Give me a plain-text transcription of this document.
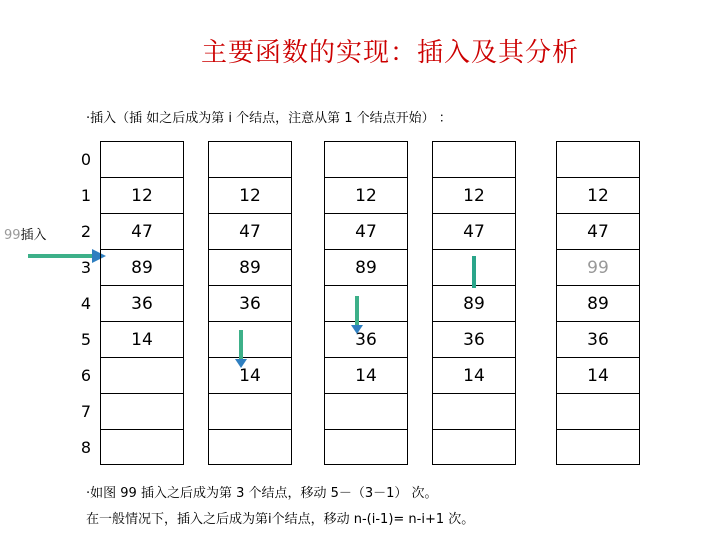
主要函数的实现：插入及其分析
·插入（插 如之后成为第 i 个结点，注意从第 1 个结点开始） ：
0
1
2
3
4
5
6
7
8
99插入
12
47
89
36
14
12
47
89
36
14
12
47
89
36
14
12
47
89
36
14
12
47
99
89
36
14
·如图 99 插入之后成为第 3 个结点，移动 5－（3－1） 次。
在一般情况下，插入之后成为第i个结点，移动 n-(i-1)= n-i+1 次。
